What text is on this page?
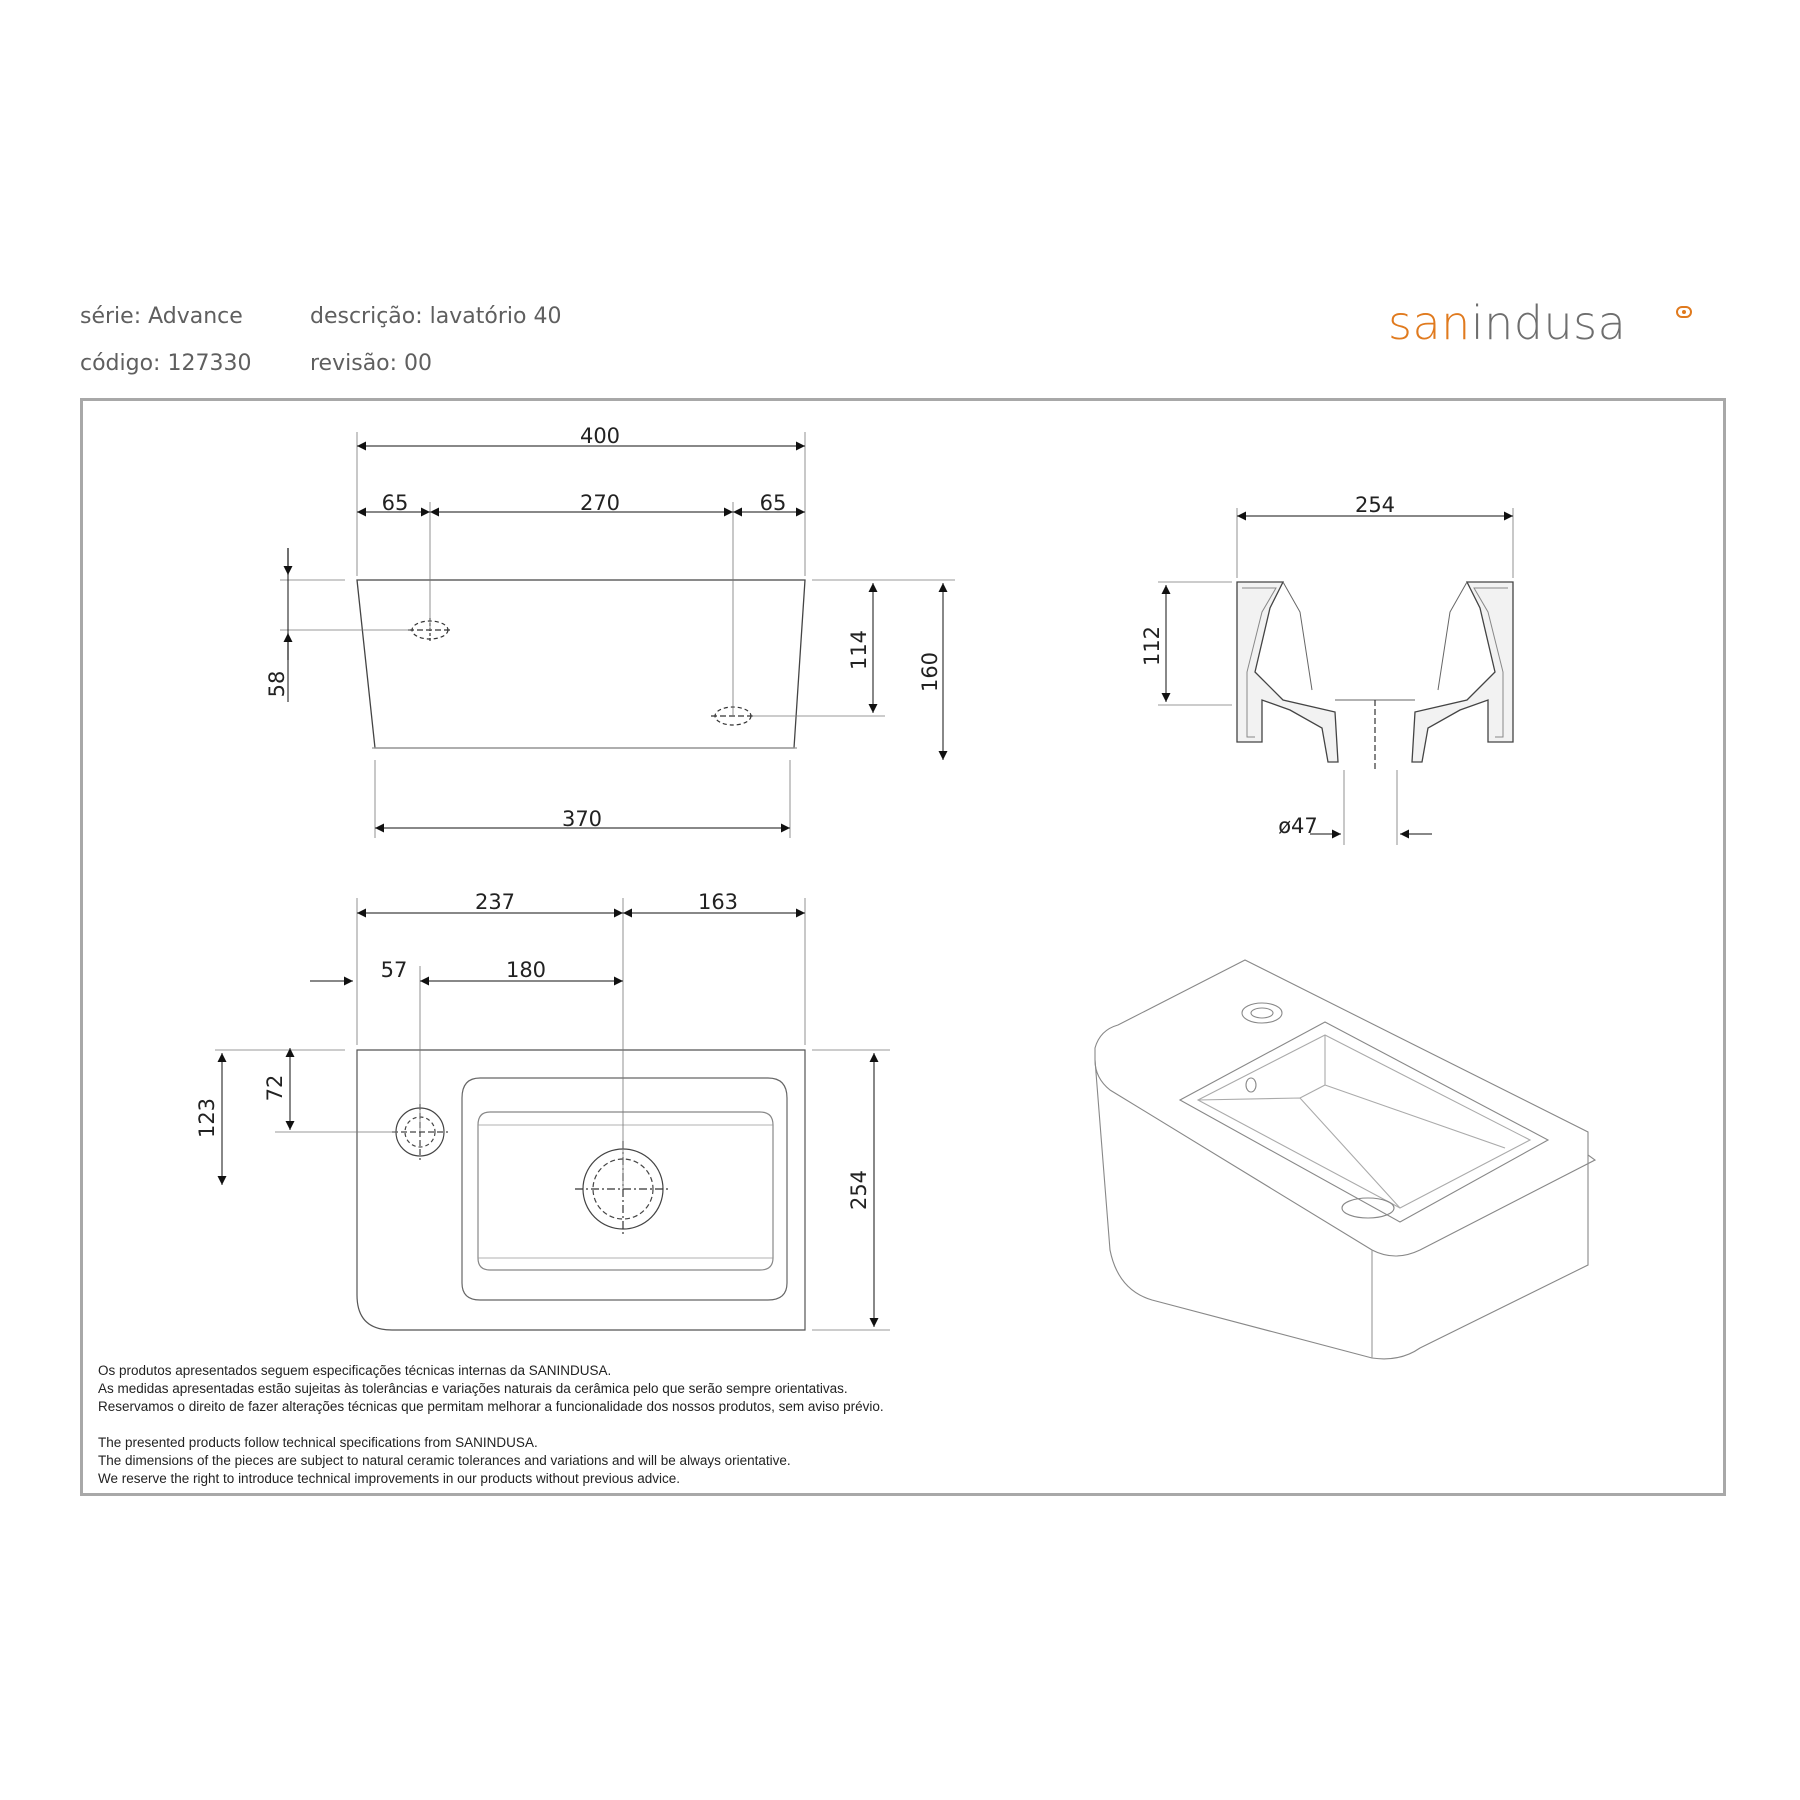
série: Advance
código: 127330
descrição: lavatório 40
revisão: 00
sanindusa
400
65	270	65
58
114
160
370
254
112
ø47
237	163
57	180
123
72
254
Os produtos apresentados seguem especificações técnicas internas da SANINDUSA.
As medidas apresentadas estão sujeitas às tolerâncias e variações naturais da cerâmica pelo que serão sempre orientativas.
Reservamos o direito de fazer alterações técnicas que permitam melhorar a funcionalidade dos nossos produtos, sem aviso prévio.
The presented products follow technical specifications from SANINDUSA.
The dimensions of the pieces are subject to natural ceramic tolerances and variations and will be always orientative.
We reserve the right to introduce technical improvements in our products without previous advice.
